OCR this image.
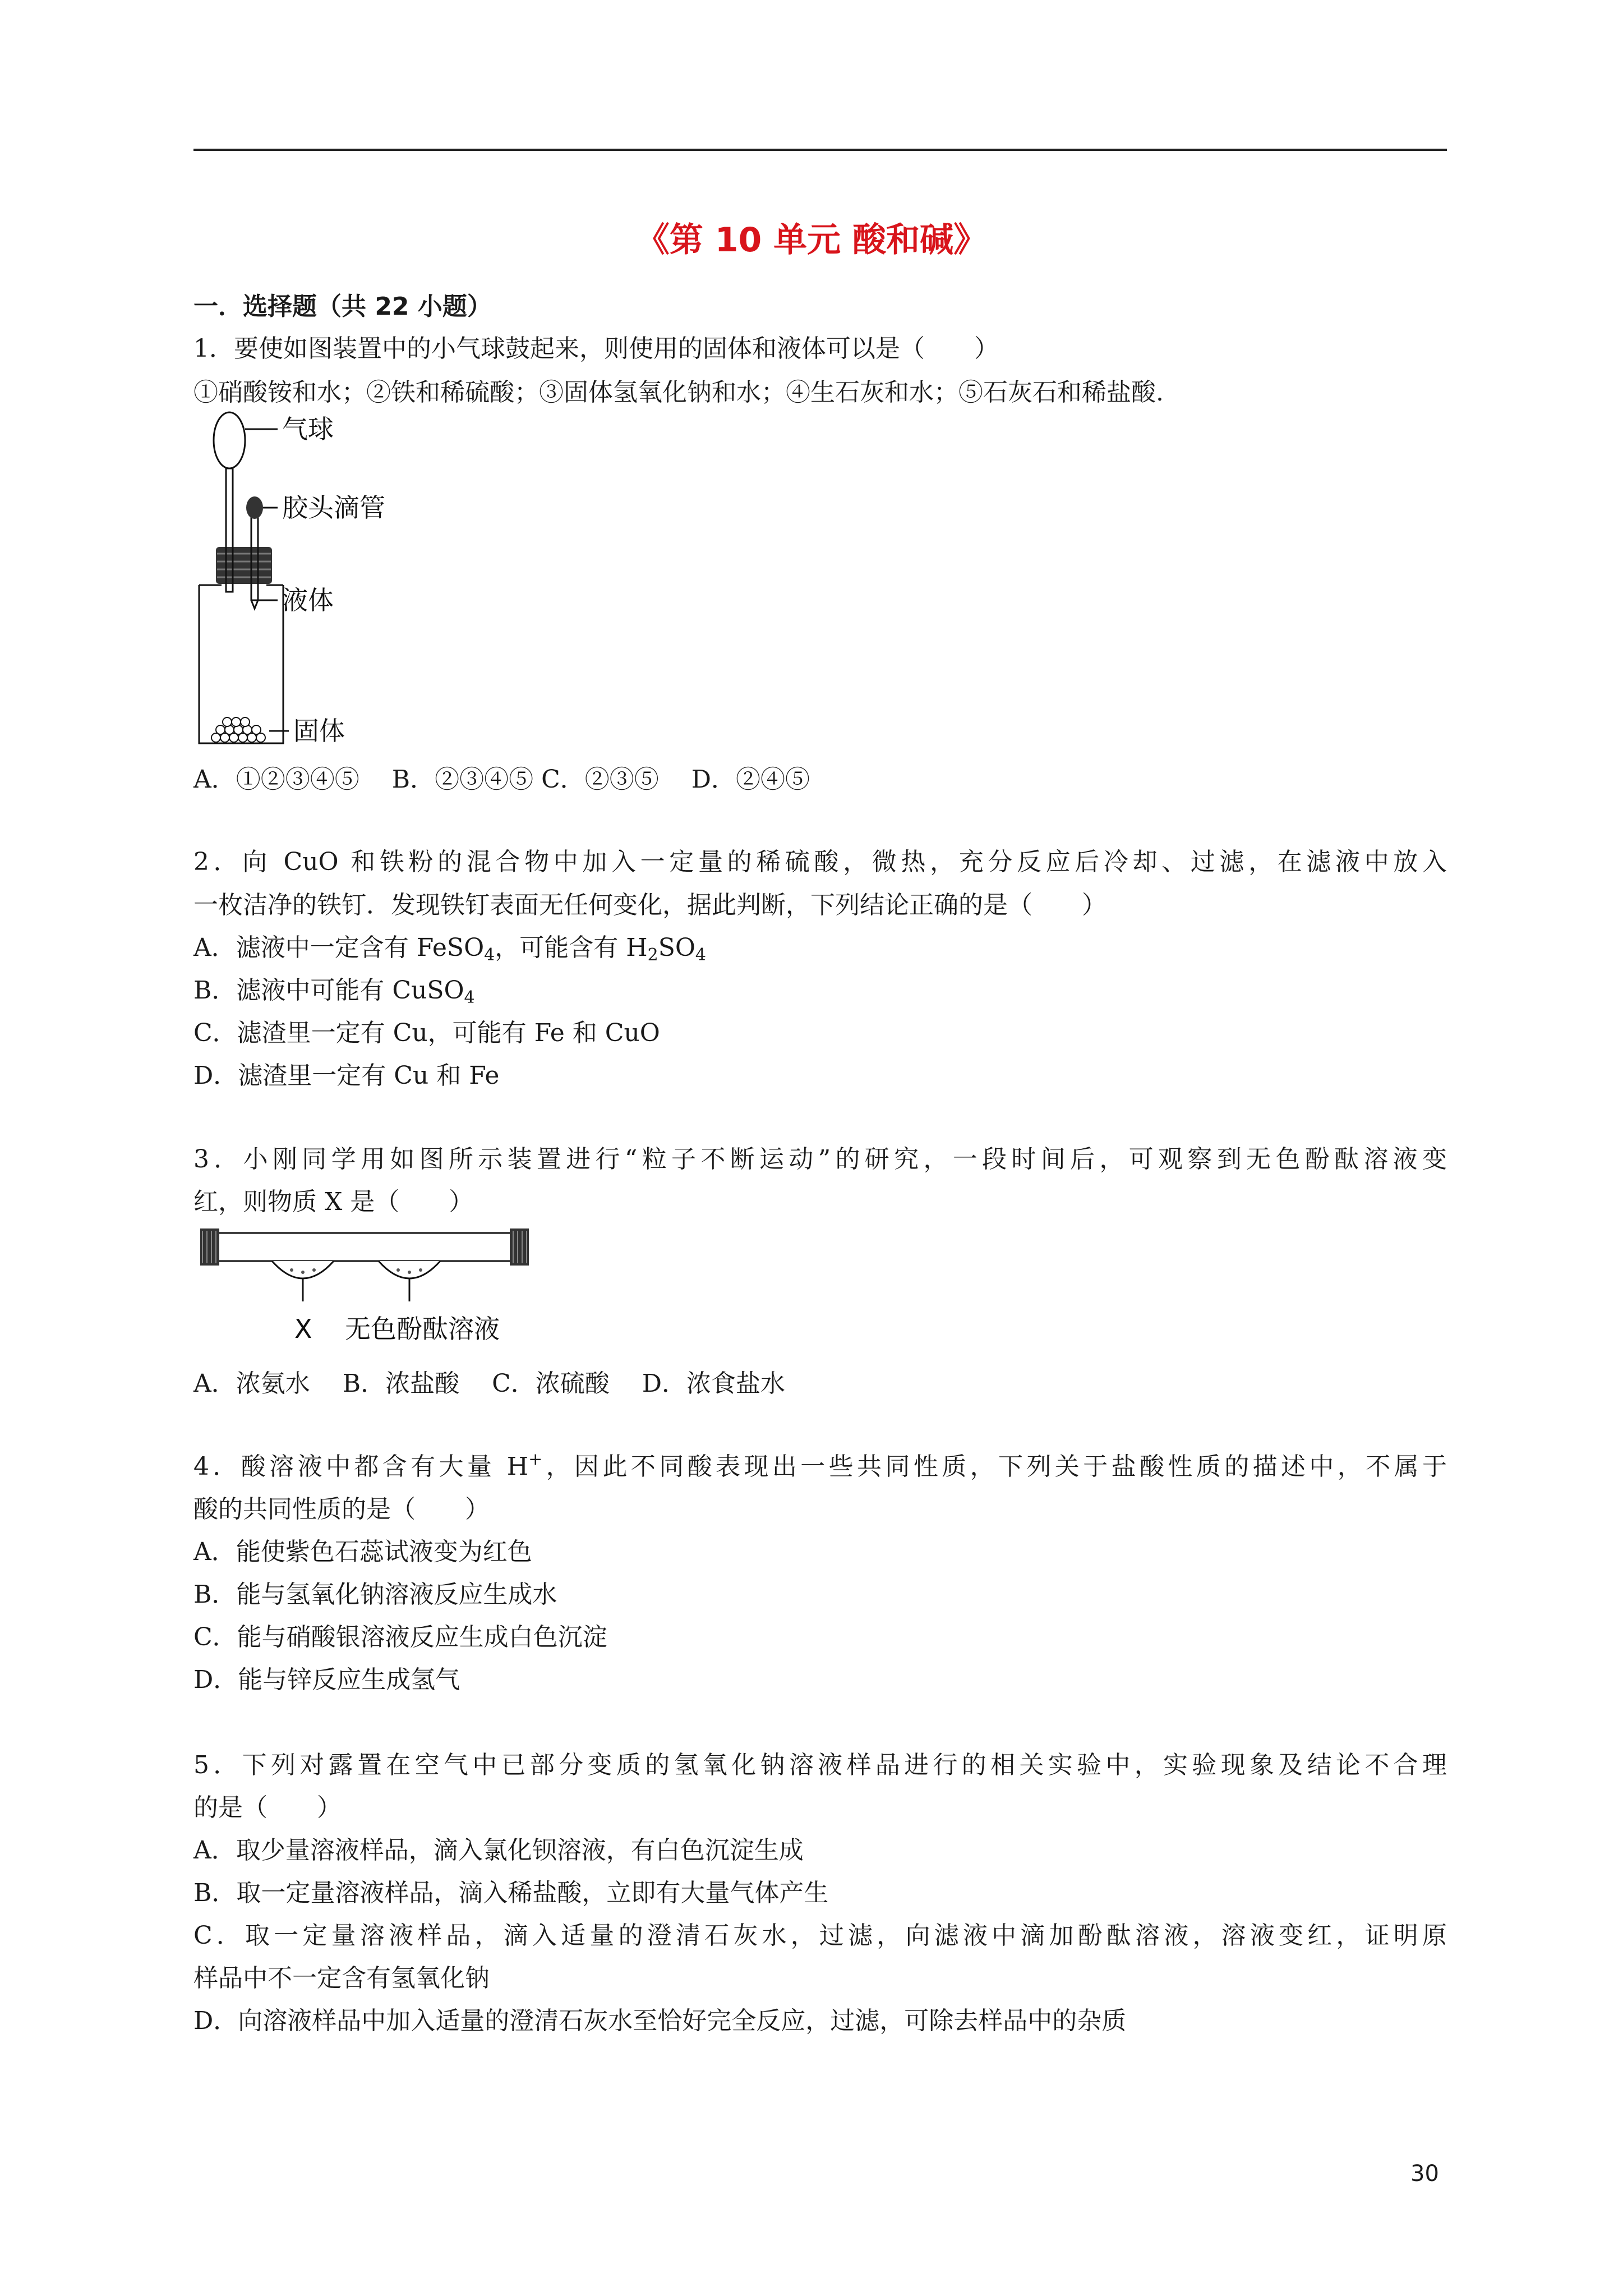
《第 10 单元 酸和碱》
一．选择题（共 22 小题）
1．要使如图装置中的小气球鼓起来，则使用的固体和液体可以是（　　）
①硝酸铵和水；②铁和稀硫酸；③固体氢氧化钠和水；④生石灰和水；⑤石灰石和稀盐酸.
气球
胶头滴管
液体
固体
A．①②③④⑤　 B．②③④⑤ C．②③⑤　 D．②④⑤
2．向 CuO 和铁粉的混合物中加入一定量的稀硫酸，微热，充分反应后冷却、过滤，在滤液中放入
一枚洁净的铁钉．发现铁钉表面无任何变化，据此判断，下列结论正确的是（　　）
A．滤液中一定含有 FeSO$_4$，可能含有 $H_2SO_4$
B．滤液中可能有 CuSO$_4$
C．滤渣里一定有 Cu，可能有 Fe 和 CuO
D．滤渣里一定有 Cu 和 Fe
3．小刚同学用如图所示装置进行“粒子不断运动”的研究，一段时间后，可观察到无色酚酞溶液变
红，则物质 X 是（　　）
X 无色酚酞溶液
A．浓氨水　 B．浓盐酸　 C．浓硫酸　 D．浓食盐水
4．酸溶液中都含有大量 H+，因此不同酸表现出一些共同性质，下列关于盐酸性质的描述中，不属于
酸的共同性质的是（　　）
A．能使紫色石蕊试液变为红色
B．能与氢氧化钠溶液反应生成水
C．能与硝酸银溶液反应生成白色沉淀
D．能与锌反应生成氢气
5．下列对露置在空气中已部分变质的氢氧化钠溶液样品进行的相关实验中，实验现象及结论不合理
的是（　　）
A．取少量溶液样品，滴入氯化钡溶液，有白色沉淀生成
B．取一定量溶液样品，滴入稀盐酸，立即有大量气体产生
C．取一定量溶液样品，滴入适量的澄清石灰水，过滤，向滤液中滴加酚酞溶液，溶液变红，证明原
样品中不一定含有氢氧化钠
D．向溶液样品中加入适量的澄清石灰水至恰好完全反应，过滤，可除去样品中的杂质
30
